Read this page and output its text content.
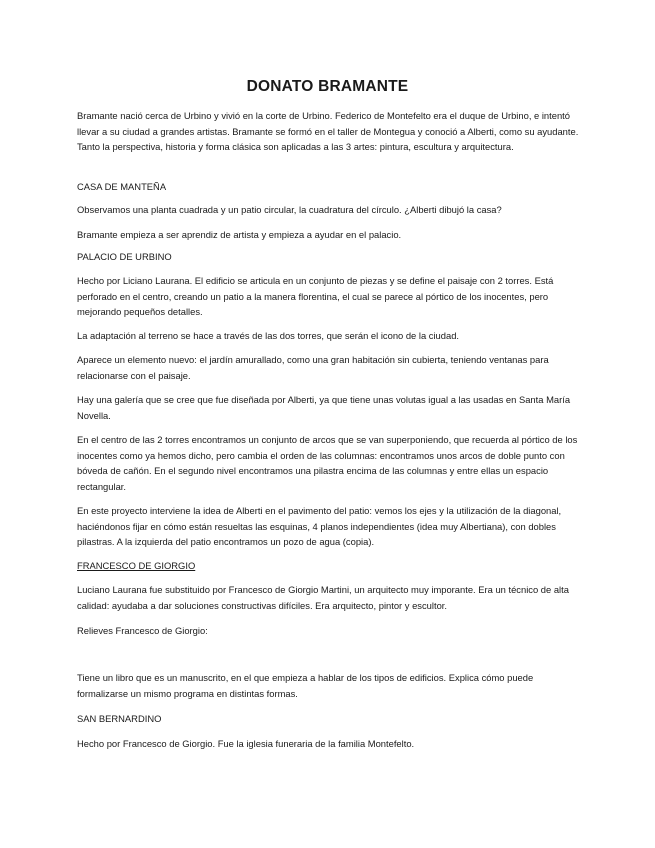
DONATO BRAMANTE

Bramante nació cerca de Urbino y vivió en la corte de Urbino. Federico de Montefelto era el duque de Urbino, e intentó llevar a su ciudad a grandes artistas. Bramante se formó en el taller de Montegua y conoció a Alberti, como su ayudante. Tanto la perspectiva, historia y forma clásica son aplicadas a las 3 artes: pintura, escultura y arquitectura.

CASA DE MANTEÑA

Observamos una planta cuadrada y un patio circular, la cuadratura del círculo. ¿Alberti dibujó la casa?

Bramante empieza a ser aprendiz de artista y empieza a ayudar en el palacio.

PALACIO DE URBINO

Hecho por Liciano Laurana. El edificio se articula en un conjunto de piezas y se define el paisaje con 2 torres. Está perforado en el centro, creando un patio a la manera florentina, el cual se parece al pórtico de los inocentes, pero mejorando pequeños detalles.

La adaptación al terreno se hace a través de las dos torres, que serán el icono de la ciudad.

Aparece un elemento nuevo: el jardín amurallado, como una gran habitación sin cubierta, teniendo ventanas para relacionarse con el paisaje.

Hay una galería que se cree que fue diseñada por Alberti, ya que tiene unas volutas igual a las usadas en Santa María Novella.

En el centro de las 2 torres encontramos un conjunto de arcos que se van superponiendo, que recuerda al pórtico de los inocentes como ya hemos dicho, pero cambia el orden de las columnas: encontramos unos arcos de doble punto con bóveda de cañón. En el segundo nivel encontramos una pilastra encima de las columnas y entre ellas un espacio rectangular.

En este proyecto interviene la idea de Alberti en el pavimento del patio: vemos los ejes y la utilización de la diagonal, haciéndonos fijar en cómo están resueltas las esquinas, 4 planos independientes (idea muy Albertiana), con dobles pilastras. A la izquierda del patio encontramos un pozo de agua (copia).

FRANCESCO DE GIORGIO

Luciano Laurana fue substituido por Francesco de Giorgio Martini, un arquitecto muy imporante. Era un técnico de alta calidad: ayudaba a dar soluciones constructivas difíciles. Era arquitecto, pintor y escultor.

Relieves Francesco de Giorgio:

Tiene un libro que es un manuscrito, en el que empieza a hablar de los tipos de edificios. Explica cómo puede formalizarse un mismo programa en distintas formas.

SAN BERNARDINO

Hecho por Francesco de Giorgio. Fue la iglesia funeraria de la familia Montefelto.
